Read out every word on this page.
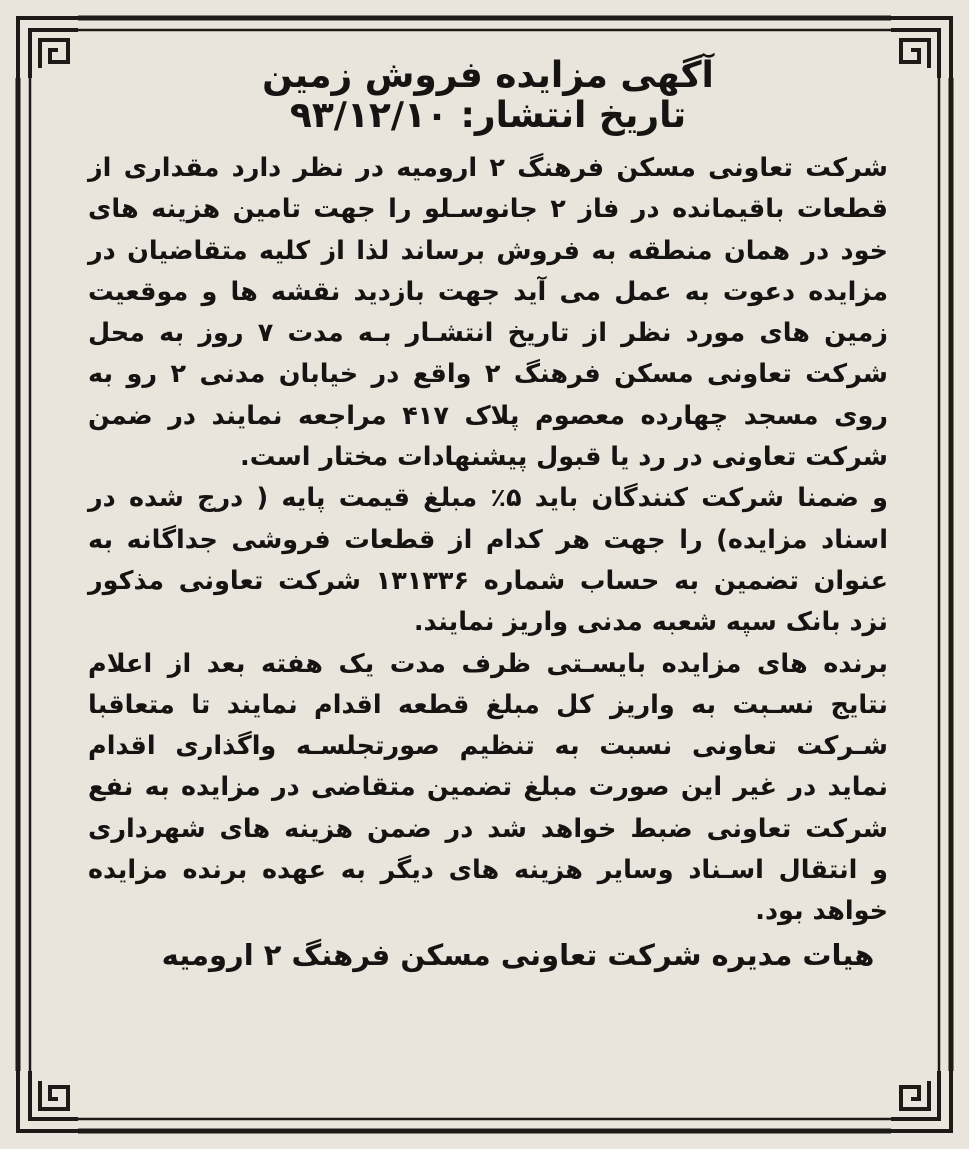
آگهی مزایده فروش زمین
تاریخ انتشار: ۹۳/۱۲/۱۰
شرکت تعاونی مسکن فرهنگ ۲ ارومیه در نظر دارد مقداری از
قطعات باقیمانده در فاز ۲ جانوسـلو را جهت تامین هزینه های
خود در همان منطقه به فروش برساند لذا از کلیه متقاضیان در
مزایده دعوت به عمل می آید جهت بازدید نقشه ها و موقعیت
زمین های مورد نظر از تاریخ انتشـار بـه مدت ۷ روز به محل
شرکت تعاونی مسکن فرهنگ ۲ واقع در خیابان مدنی ۲ رو به
روی مسجد چهارده معصوم پلاک ۴۱۷ مراجعه نمایند در ضمن
شرکت تعاونی در رد یا قبول پیشنهادات مختار است.
و ضمنا شرکت کنندگان باید ۵٪ مبلغ قیمت پایه ( درج شده در
اسناد مزایده) را جهت هر کدام از قطعات فروشی جداگانه به
عنوان تضمین به حساب شماره ۱۳۱۳۳۶ شرکت تعاونی مذکور
نزد بانک سپه شعبه مدنی واریز نمایند.
برنده های مزایده بایسـتی ظرف مدت یک هفته بعد از اعلام
نتایج نسـبت به واریز کل مبلغ قطعه اقدام نمایند تا متعاقبا
شـرکت تعاونی نسبت به تنظیم صورتجلسـه واگذاری اقدام
نماید در غیر این صورت مبلغ تضمین متقاضی در مزایده به نفع
شرکت تعاونی ضبط خواهد شد در ضمن هزینه های شهرداری
و انتقال اسـناد وسایر هزینه های دیگر به عهده برنده مزایده
خواهد بود.
هیات مدیره شرکت تعاونی مسکن فرهنگ ۲ ارومیه
